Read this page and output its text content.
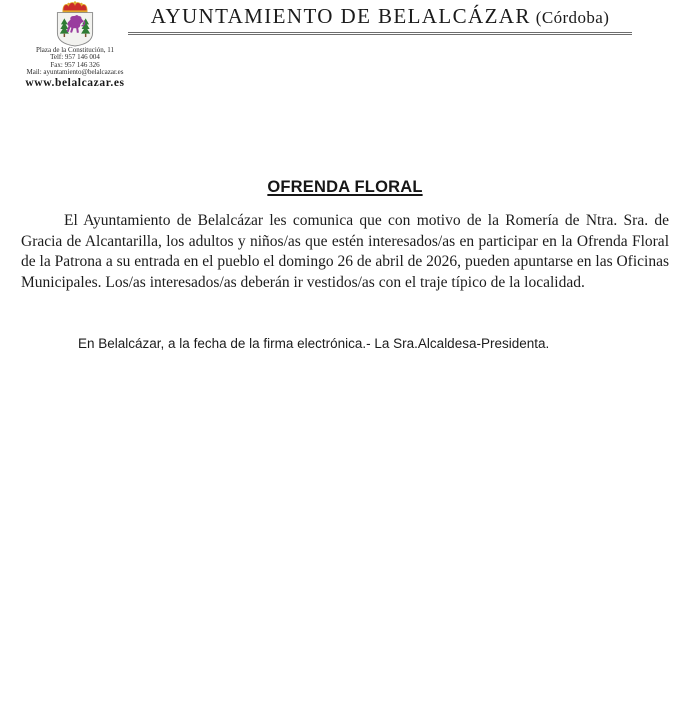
Plaza de la Constitución, 11
Telf: 957 146 004
Fax: 957 146 326
Mail: ayuntamiento@belalcazar.es
www.belalcazar.es
AYUNTAMIENTO DE BELALCÁZAR (Córdoba)
OFRENDA FLORAL

El Ayuntamiento de Belalcázar les comunica que con motivo de la Romería de Ntra. Sra. de Gracia de Alcantarilla, los adultos y niños/as que estén interesados/as en participar en la Ofrenda Floral de la Patrona a su entrada en el pueblo el domingo 26 de abril de 2026, pueden apuntarse en las Oficinas Municipales. Los/as interesados/as deberán ir vestidos/as con el traje típico de la localidad.

En Belalcázar, a la fecha de la firma electrónica.- La Sra.Alcaldesa-Presidenta.
